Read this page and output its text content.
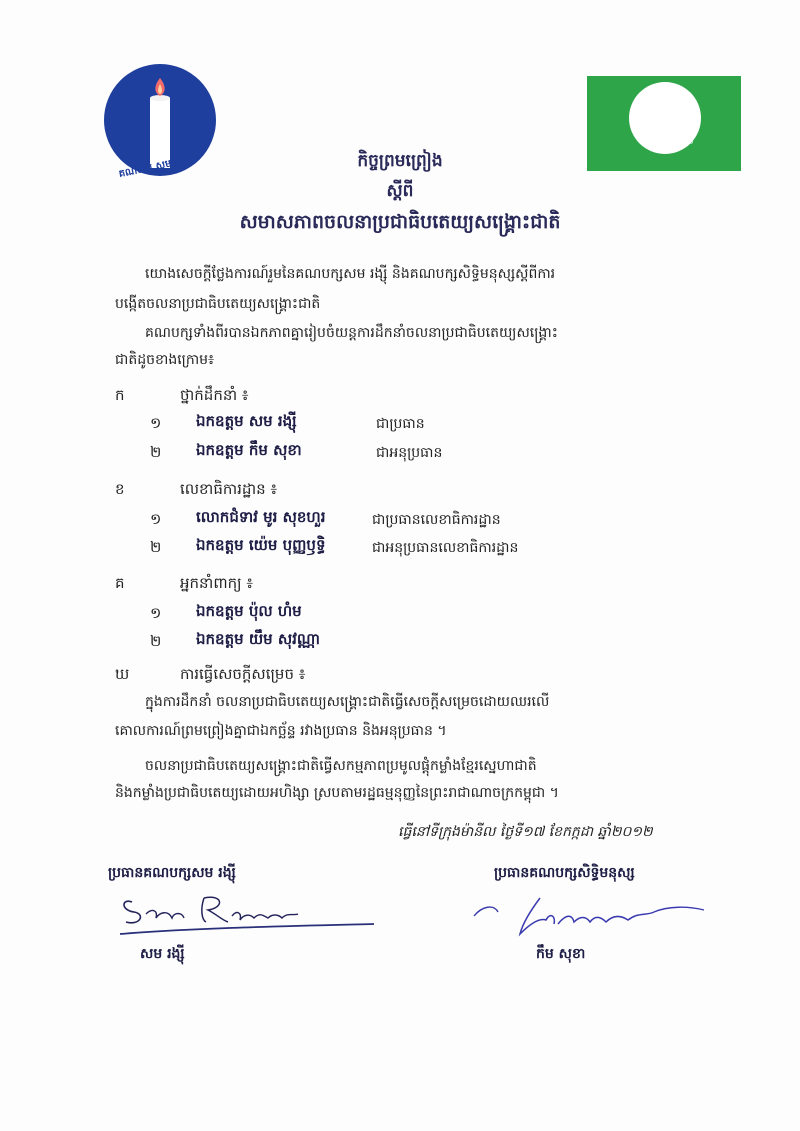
គណបក្ស សម រង្ស៊ី
គណបក្សសិទ្ធិមនុស្ស
កិច្ចព្រមព្រៀង
ស្តីពី
សមាសភាពចលនាប្រជាធិបតេយ្យសង្គ្រោះជាតិ
យោងសេចក្តីថ្លែងការណ៍រួមនៃគណបក្សសម រង្ស៊ី និងគណបក្សសិទ្ធិមនុស្សស្តីពីការ
បង្កើតចលនាប្រជាធិបតេយ្យសង្គ្រោះជាតិ
គណបក្សទាំងពីរបានឯកភាពគ្នារៀបចំយន្តការដឹកនាំចលនាប្រជាធិបតេយ្យសង្គ្រោះ
ជាតិដូចខាងក្រោម៖
ក	ថ្នាក់ដឹកនាំ ៖
១ ឯកឧត្តម សម រង្ស៊ី	ជាប្រធាន
២ ឯកឧត្តម កឹម សុខា	ជាអនុប្រធាន
ខ	លេខាធិការដ្ឋាន ៖
១ លោកជំទាវ មូរ សុខហួរ	ជាប្រធានលេខាធិការដ្ឋាន
២ ឯកឧត្តម យ៉េម បុញ្ញឫទ្ធិ	ជាអនុប្រធានលេខាធិការដ្ឋាន
គ	អ្នកនាំពាក្យ ៖
១ ឯកឧត្តម ប៉ុល ហំម
២ ឯកឧត្តម យឹម សុវណ្ណា
ឃ	ការធ្វើសេចក្តីសម្រេច ៖
ក្នុងការដឹកនាំ ចលនាប្រជាធិបតេយ្យសង្គ្រោះជាតិធ្វើសេចក្តីសម្រេចដោយឈរលើ
គោលការណ៍ព្រមព្រៀងគ្នាជាឯកច្ឆ័ន្ទ រវាងប្រធាន និងអនុប្រធាន ។
ចលនាប្រជាធិបតេយ្យសង្គ្រោះជាតិធ្វើសកម្មភាពប្រមូលផ្តុំកម្លាំងខ្មែរស្នេហាជាតិ
និងកម្លាំងប្រជាធិបតេយ្យដោយអហិង្សា ស្របតាមរដ្ឋធម្មនុញ្ញនៃព្រះរាជាណាចក្រកម្ពុជា ។
ធ្វើនៅទីក្រុងម៉ានីល ថ្ងៃទី១៧ ខែកក្កដា ឆ្នាំ២០១២
ប្រធានគណបក្សសម រង្ស៊ី
សម រង្ស៊ី
ប្រធានគណបក្សសិទ្ធិមនុស្ស
កឹម សុខា
